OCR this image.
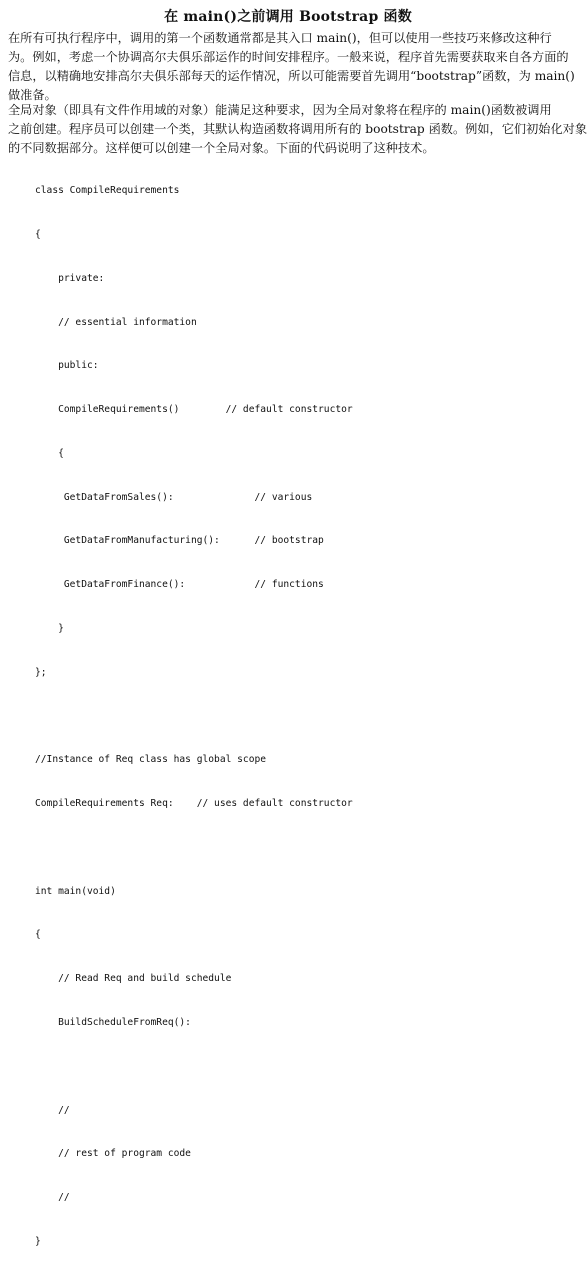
在 main()之前调用 Bootstrap 函数
在所有可执行程序中，调用的第一个函数通常都是其入口 main()，但可以使用一些技巧来修改这种行
为。例如，考虑一个协调高尔夫俱乐部运作的时间安排程序。一般来说，程序首先需要获取来自各方面的
信息，以精确地安排高尔夫俱乐部每天的运作情况，所以可能需要首先调用“bootstrap”函数，为 main()
做准备。
全局对象（即具有文件作用域的对象）能满足这种要求，因为全局对象将在程序的 main()函数被调用
之前创建。程序员可以创建一个类，其默认构造函数将调用所有的 bootstrap 函数。例如，它们初始化对象
的不同数据部分。这样便可以创建一个全局对象。下面的代码说明了这种技术。

class CompileRequirements

{

private:

// essential information

public:

CompileRequirements()        // default constructor

{

GetDataFromSales():              // various

GetDataFromManufacturing():      // bootstrap

GetDataFromFinance():            // functions

}

};

//Instance of Req class has global scope

CompileRequirements Req:    // uses default constructor

int main(void)

{

// Read Req and build schedule

BuildScheduleFromReq():

//

// rest of program code

//

}
